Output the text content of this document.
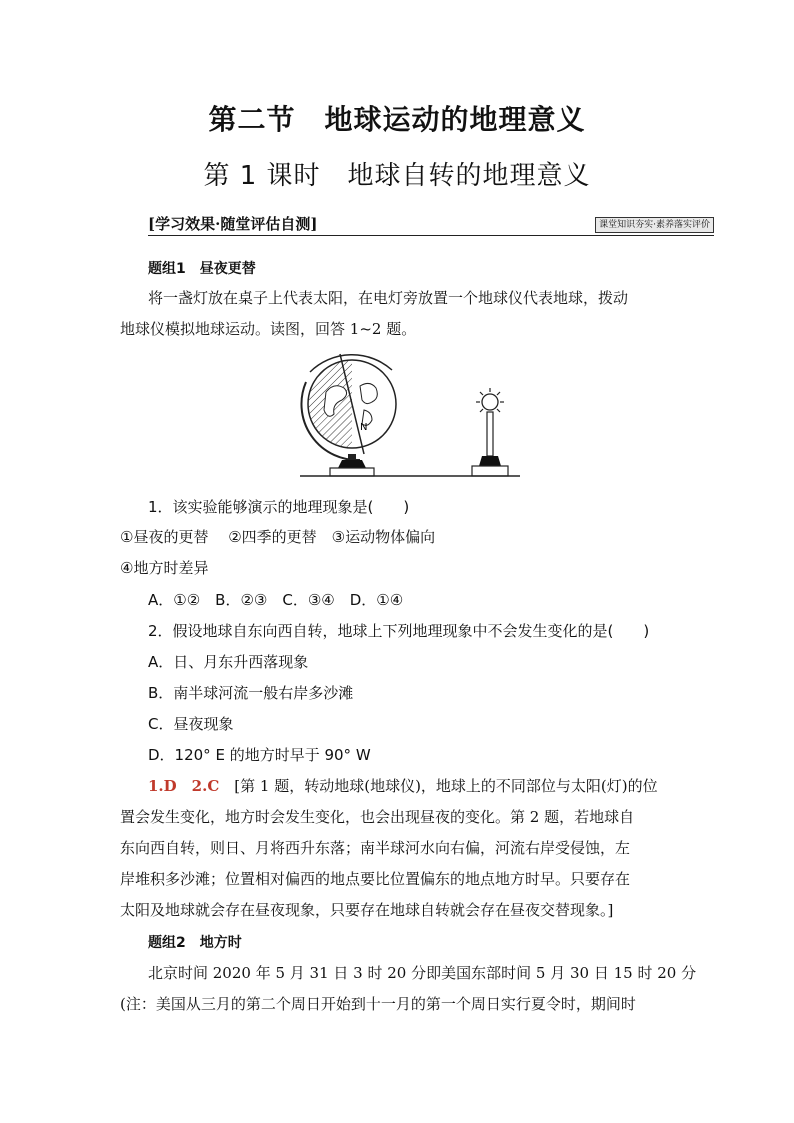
第二节　地球运动的地理意义
第 1 课时　地球自转的地理意义
[学习效果·随堂评估自测]	课堂知识夯实·素养落实评价
题组1　昼夜更替
将一盏灯放在桌子上代表太阳，在电灯旁放置一个地球仪代表地球，拨动
地球仪模拟地球运动。读图，回答 1~2 题。
N
1．该实验能够演示的地理现象是(　　)
①昼夜的更替　 ②四季的更替　③运动物体偏向
④地方时差异
A．①②　B．②③　C．③④　D．①④
2．假设地球自东向西自转，地球上下列地理现象中不会发生变化的是(　　)
A．日、月东升西落现象
B．南半球河流一般右岸多沙滩
C．昼夜现象
D．120° E 的地方时早于 90° W
1.D　2.C　 [第 1 题，转动地球(地球仪)，地球上的不同部位与太阳(灯)的位
置会发生变化，地方时会发生变化，也会出现昼夜的变化。第 2 题，若地球自
东向西自转，则日、月将西升东落；南半球河水向右偏，河流右岸受侵蚀，左
岸堆积多沙滩；位置相对偏西的地点要比位置偏东的地点地方时早。只要存在
太阳及地球就会存在昼夜现象，只要存在地球自转就会存在昼夜交替现象。]
题组2　地方时
北京时间 2020 年 5 月 31 日 3 时 20 分即美国东部时间 5 月 30 日 15 时 20 分
(注：美国从三月的第二个周日开始到十一月的第一个周日实行夏令时，期间时
